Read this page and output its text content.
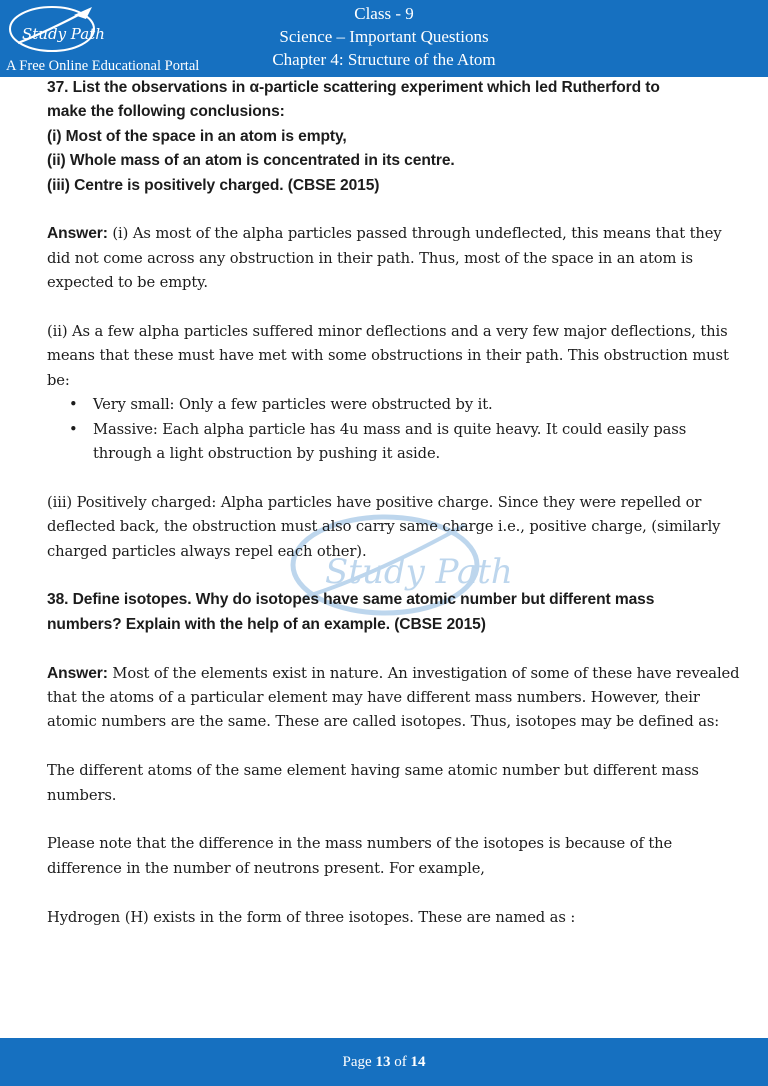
Study Path
A Free Online Educational Portal
Class - 9
Science – Important Questions
Chapter 4: Structure of the Atom
Study Path
37. List the observations in α-particle scattering experiment which led Rutherford to
make the following conclusions:
(i) Most of the space in an atom is empty,
(ii) Whole mass of an atom is concentrated in its centre.
(iii) Centre is positively charged. (CBSE 2015)
Answer: (i) As most of the alpha particles passed through undeflected, this means that they did not come across any obstruction in their path. Thus, most of the space in an atom is expected to be empty.
(ii) As a few alpha particles suffered minor deflections and a very few major deflections, this means that these must have met with some obstructions in their path. This obstruction must be:
• Very small: Only a few particles were obstructed by it.
• Massive: Each alpha particle has 4u mass and is quite heavy. It could easily pass through a light obstruction by pushing it aside.
(iii) Positively charged: Alpha particles have positive charge. Since they were repelled or deflected back, the obstruction must also carry same charge i.e., positive charge, (similarly charged particles always repel each other).
38. Define isotopes. Why do isotopes have same atomic number but different mass
numbers? Explain with the help of an example. (CBSE 2015)
Answer: Most of the elements exist in nature. An investigation of some of these have revealed that the atoms of a particular element may have different mass numbers. However, their atomic numbers are the same. These are called isotopes. Thus, isotopes may be defined as:
The different atoms of the same element having same atomic number but different mass numbers.
Please note that the difference in the mass numbers of the isotopes is because of the difference in the number of neutrons present. For example,
Hydrogen (H) exists in the form of three isotopes. These are named as :
Page 13 of 14
